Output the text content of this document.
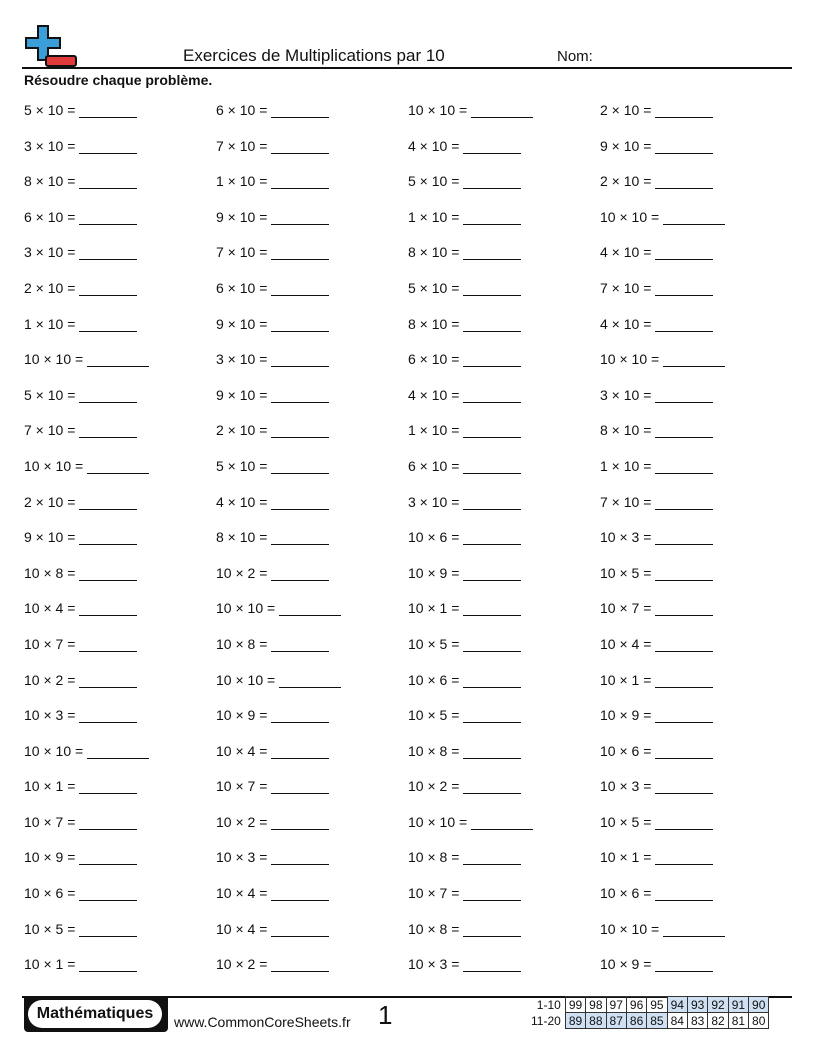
Exercices de Multiplications par 10	Nom:
Résoudre chaque problème.
5 × 10 =	6 × 10 =	10 × 10 =	2 × 10 =
3 × 10 =	7 × 10 =	4 × 10 =	9 × 10 =
8 × 10 =	1 × 10 =	5 × 10 =	2 × 10 =
6 × 10 =	9 × 10 =	1 × 10 =	10 × 10 =
3 × 10 =	7 × 10 =	8 × 10 =	4 × 10 =
2 × 10 =	6 × 10 =	5 × 10 =	7 × 10 =
1 × 10 =	9 × 10 =	8 × 10 =	4 × 10 =
10 × 10 =	3 × 10 =	6 × 10 =	10 × 10 =
5 × 10 =	9 × 10 =	4 × 10 =	3 × 10 =
7 × 10 =	2 × 10 =	1 × 10 =	8 × 10 =
10 × 10 =	5 × 10 =	6 × 10 =	1 × 10 =
2 × 10 =	4 × 10 =	3 × 10 =	7 × 10 =
9 × 10 =	8 × 10 =	10 × 6 =	10 × 3 =
10 × 8 =	10 × 2 =	10 × 9 =	10 × 5 =
10 × 4 =	10 × 10 =	10 × 1 =	10 × 7 =
10 × 7 =	10 × 8 =	10 × 5 =	10 × 4 =
10 × 2 =	10 × 10 =	10 × 6 =	10 × 1 =
10 × 3 =	10 × 9 =	10 × 5 =	10 × 9 =
10 × 10 =	10 × 4 =	10 × 8 =	10 × 6 =
10 × 1 =	10 × 7 =	10 × 2 =	10 × 3 =
10 × 7 =	10 × 2 =	10 × 10 =	10 × 5 =
10 × 9 =	10 × 3 =	10 × 8 =	10 × 1 =
10 × 6 =	10 × 4 =	10 × 7 =	10 × 6 =
10 × 5 =	10 × 4 =	10 × 8 =	10 × 10 =
10 × 1 =	10 × 2 =	10 × 3 =	10 × 9 =
Mathématiques	www.CommonCoreSheets.fr 1	1-10	99	98	97	96	95	94	93	92	91	90
11-20	89	88	87	86	85	84	83	82	81	80
